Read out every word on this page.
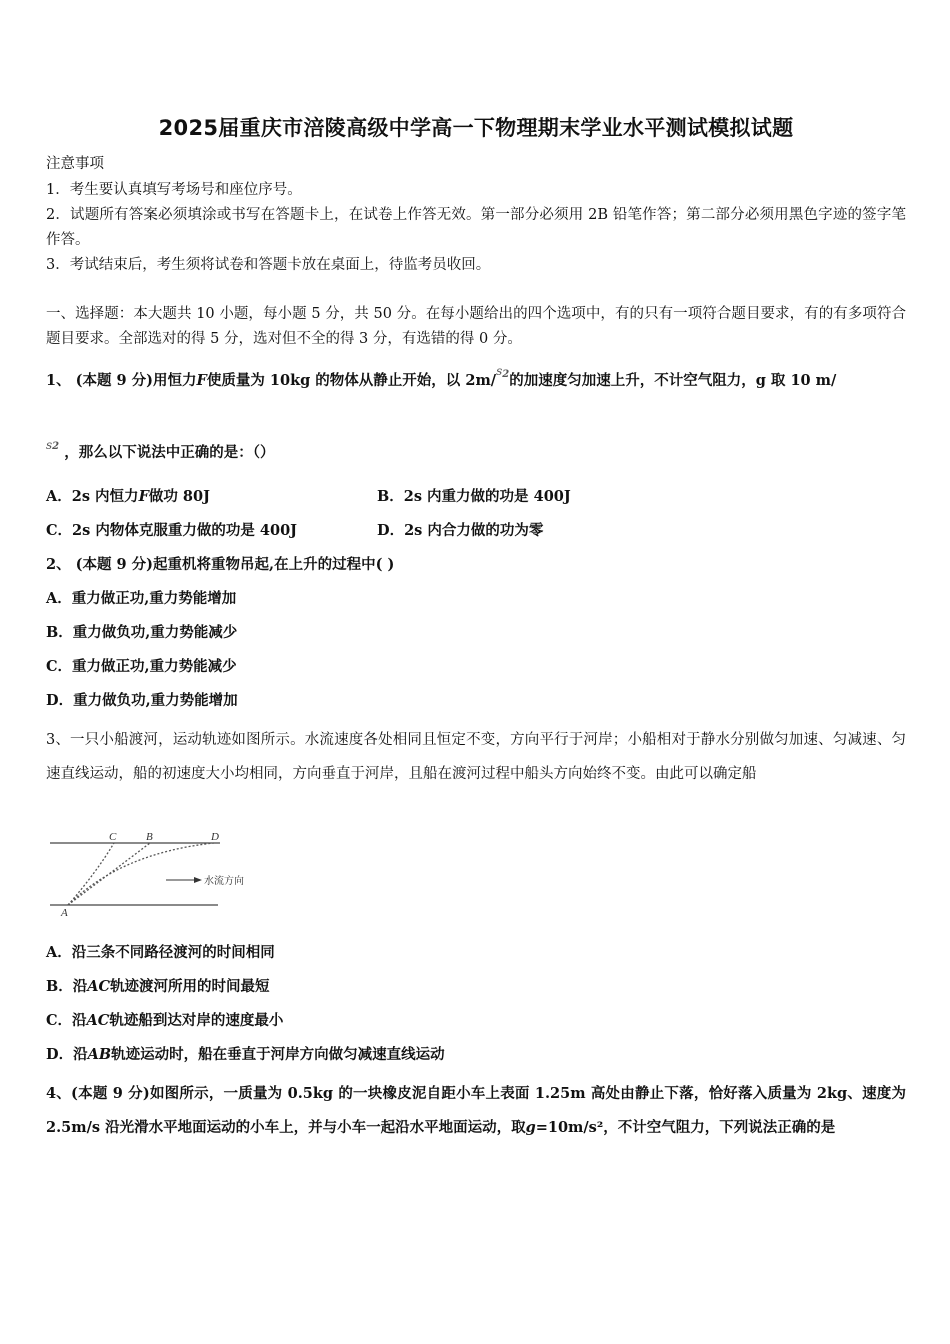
2025届重庆市涪陵高级中学高一下物理期末学业水平测试模拟试题
注意事项
1．考生要认真填写考场号和座位序号。
2．试题所有答案必须填涂或书写在答题卡上，在试卷上作答无效。第一部分必须用 2B 铅笔作答；第二部分必须用黑色字迹的签字笔作答。
3．考试结束后，考生须将试卷和答题卡放在桌面上，待监考员收回。
一、选择题：本大题共 10 小题，每小题 5 分，共 50 分。在每小题给出的四个选项中，有的只有一项符合题目要求，有的有多项符合题目要求。全部选对的得 5 分，选对但不全的得 3 分，有选错的得 0 分。
1、 (本题 9 分)用恒力F使质量为 10kg 的物体从静止开始，以 2m/$^{s2}$的加速度匀加速上升，不计空气阻力，g 取 10 m/
$^{s2}$ ，那么以下说法中正确的是：（）
A．2s 内恒力F做功 80J	B．2s 内重力做的功是 400J
C．2s 内物体克服重力做的功是 400J	D．2s 内合力做的功为零
2、 (本题 9 分)起重机将重物吊起,在上升的过程中( )
A．重力做正功,重力势能增加
B．重力做负功,重力势能减少
C．重力做正功,重力势能减少
D．重力做负功,重力势能增加
3、一只小船渡河，运动轨迹如图所示。水流速度各处相同且恒定不变，方向平行于河岸；小船相对于静水分别做匀加速、匀减速、匀速直线运动，船的初速度大小均相同，方向垂直于河岸，且船在渡河过程中船头方向始终不变。由此可以确定船
C	B	D
A
水流方向
A．沿三条不同路径渡河的时间相同
B．沿AC轨迹渡河所用的时间最短
C．沿AC轨迹船到达对岸的速度最小
D．沿AB轨迹运动时，船在垂直于河岸方向做匀减速直线运动
4、(本题 9 分)如图所示，一质量为 0.5kg 的一块橡皮泥自距小车上表面 1.25m 高处由静止下落，恰好落入质量为 2kg、速度为 2.5m/s 沿光滑水平地面运动的小车上，并与小车一起沿水平地面运动，取g=10m/s²，不计空气阻力，下列说法正确的是
